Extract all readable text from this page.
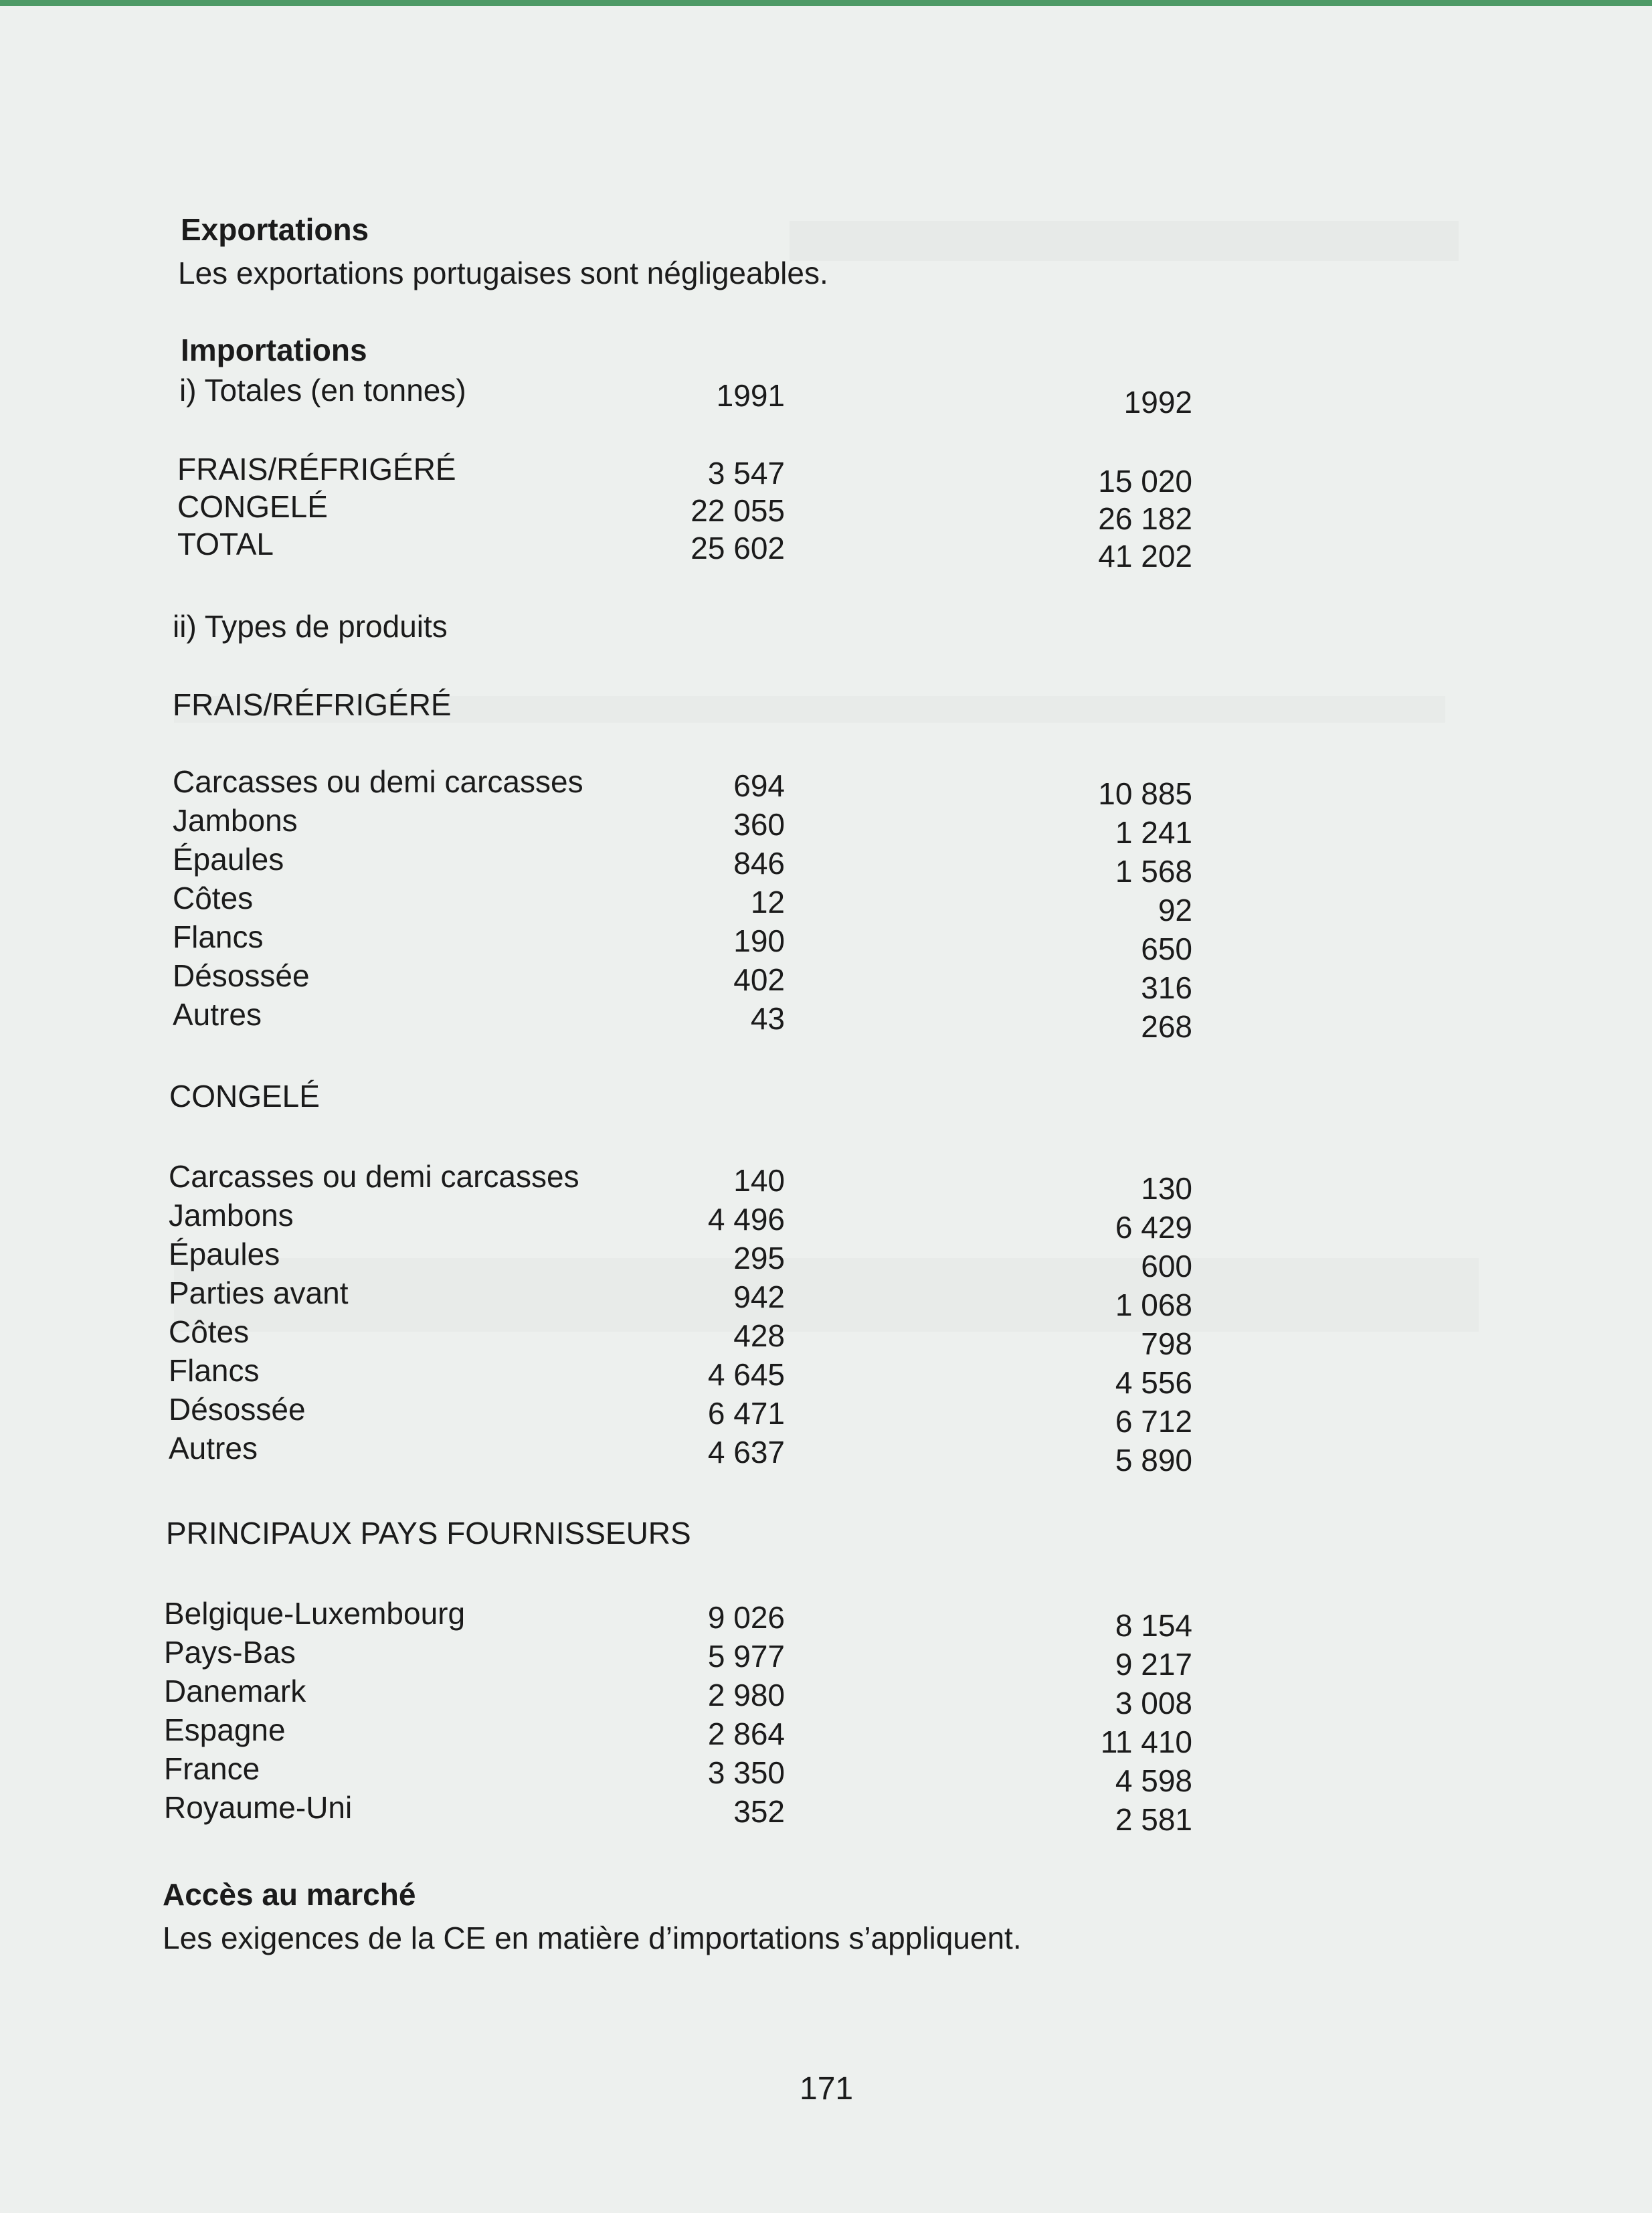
Exportations
Les exportations portugaises sont négligeables.
Importations
i) Totales (en tonnes)	1991	1992
FRAIS/RÉFRIGÉRÉ	3 547	15 020
CONGELÉ	22 055	26 182
TOTAL	25 602	41 202
ii) Types de produits
FRAIS/RÉFRIGÉRÉ
Carcasses ou demi carcasses	694	10 885
Jambons	360	1 241
Épaules	846	1 568
Côtes	12	92
Flancs	190	650
Désossée	402	316
Autres	43	268
CONGELÉ
Carcasses ou demi carcasses	140	130
Jambons	4 496	6 429
Épaules	295	600
Parties avant	942	1 068
Côtes	428	798
Flancs	4 645	4 556
Désossée	6 471	6 712
Autres	4 637	5 890
PRINCIPAUX PAYS FOURNISSEURS
Belgique-Luxembourg	9 026	8 154
Pays-Bas	5 977	9 217
Danemark	2 980	3 008
Espagne	2 864	11 410
France	3 350	4 598
Royaume-Uni	352	2 581
Accès au marché
Les exigences de la CE en matière d’importations s’appliquent.
171
